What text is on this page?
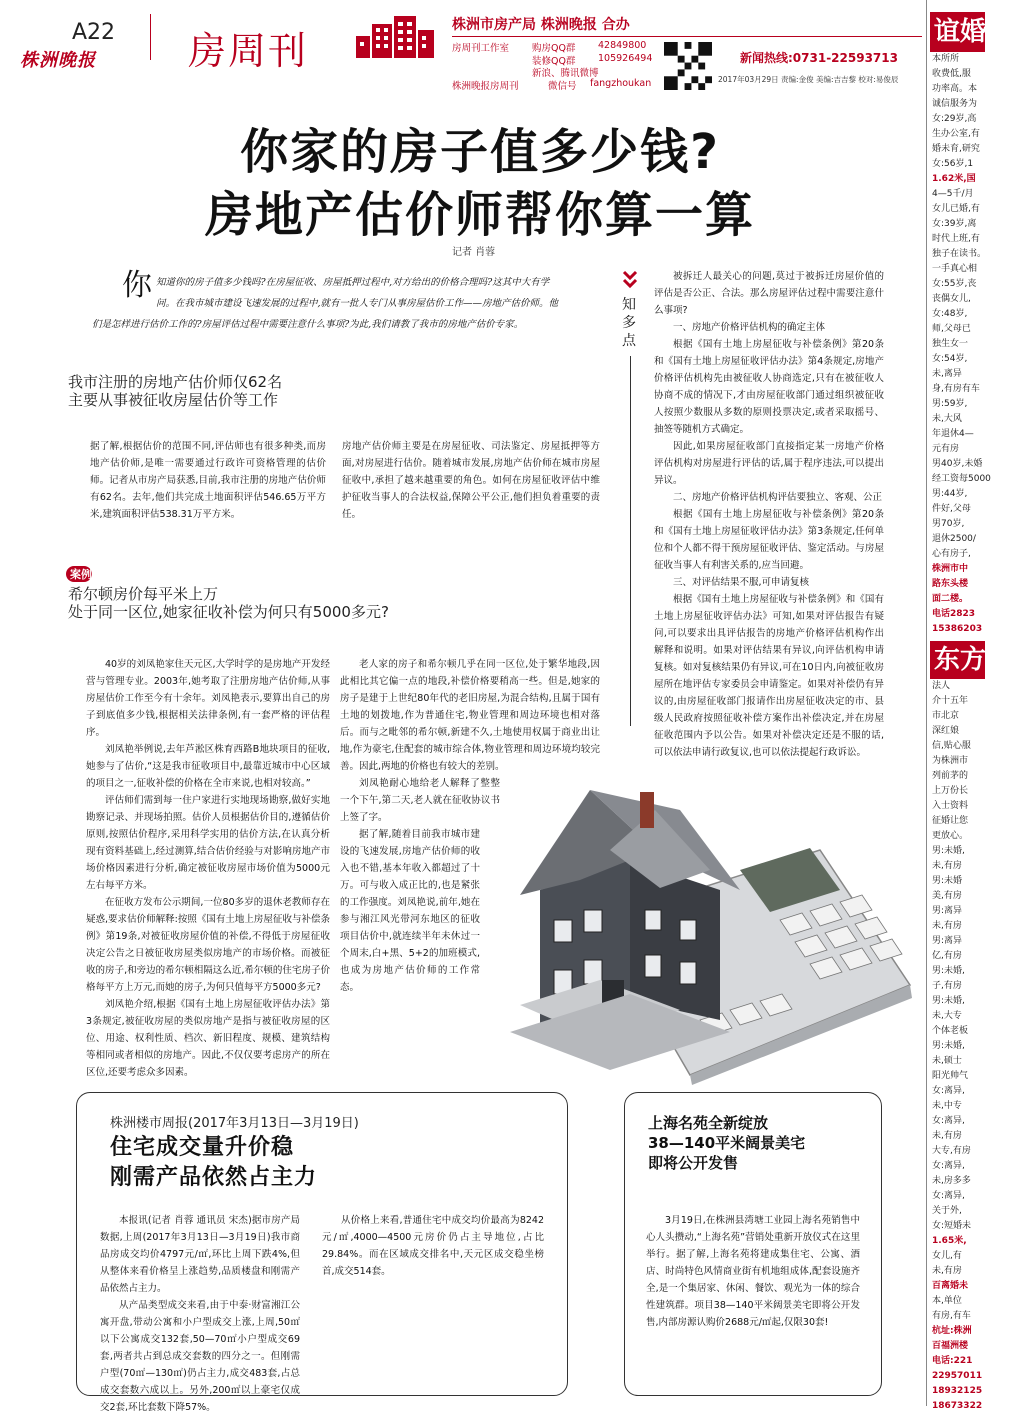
A22
株洲晚报 房周刊
株洲市房产局 株洲晚报 合办
房周刊工作室 购房QQ群 42849800
装修QQ群 105926494
新浪、腾讯微博
株洲晚报房周刊	微信号 fangzhoukan
新闻热线:0731-22593713
2017年03月29日 责编:金俊 美编:吉吉黎 校对:易俊辰
你家的房子值多少钱?
房地产估价师帮你算一算
记者 肖蓉
你 知道你的房子值多少钱吗?在房屋征收、房屋抵押过程中,对方给出的价格合理吗?这其中大有学问。在我市城市建设飞速发展的过程中,就有一批人专门从事房屋估价工作——房地产估价师。他们是怎样进行估价工作的?房屋评估过程中需要注意什么事项?为此,我们请教了我市的房地产估价专家。
我市注册的房地产估价师仅62名
主要从事被征收房屋估价等工作
据了解,根据估价的范围不同,评估师也有很多种类,而房地产估价师,是唯一需要通过行政许可资格管理的估价师。记者从市房产局获悉,目前,我市注册的房地产估价师有62名。去年,他们共完成土地面积评估546.65万平方米,建筑面积评估538.31万平方米。
房地产估价师主要是在房屋征收、司法鉴定、房屋抵押等方面,对房屋进行估价。随着城市发展,房地产估价师在城市房屋征收中,承担了越来越重要的角色。如何在房屋征收评估中维护征收当事人的合法权益,保障公平公正,他们担负着重要的责任。
案例
希尔顿房价每平米上万
处于同一区位,她家征收补偿为何只有5000多元?
40岁的刘凤艳家住天元区,大学时学的是房地产开发经营与管理专业。2003年,她考取了注册房地产估价师,从事房屋估价工作至今有十余年。刘凤艳表示,要算出自己的房子到底值多少钱,根据相关法律条例,有一套严格的评估程序。
刘凤艳举例说,去年芦淞区株育西路B地块项目的征收,她参与了估价,“这是我市征收项目中,最靠近城市中心区域的项目之一,征收补偿的价格在全市来说,也相对较高。”
评估师们需到每一住户家进行实地现场勘察,做好实地勘察记录、并现场拍照。估价人员根据估价目的,遵循估价原则,按照估价程序,采用科学实用的估价方法,在认真分析现有资料基础上,经过测算,结合估价经验与对影响房地产市场价格因素进行分析,确定被征收房屋市场价值为5000元左右每平方米。
在征收方发布公示期间,一位80多岁的退休老教师存在疑惑,要求估价师解释:按照《国有土地上房屋征收与补偿条例》第19条,对被征收房屋价值的补偿,不得低于房屋征收决定公告之日被征收房屋类似房地产的市场价格。而被征收的房子,和旁边的希尔顿相隔这么近,希尔顿的住宅房子价格每平方上万元,而她的房子,为何只值每平方5000多元?
刘凤艳介绍,根据《国有土地上房屋征收评估办法》第3条规定,被征收房屋的类似房地产是指与被征收房屋的区位、用途、权利性质、档次、新旧程度、规模、建筑结构等相同或者相似的房地产。因此,不仅仅要考虑房产的所在区位,还要考虑众多因素。
老人家的房子和希尔顿几乎在同一区位,处于繁华地段,因此相比其它偏一点的地段,补偿价格要稍高一些。但是,她家的房子是建于上世纪80年代的老旧房屋,为混合结构,且属于国有土地的划拨地,作为普通住宅,物业管理和周边环境也相对落后。而与之毗邻的希尔顿,新建不久,土地使用权属于商业出让地,作为豪宅,住配套的城市综合体,物业管理和周边环境均较完善。因此,两地的价格也有较大的差别。
刘凤艳耐心地给老人解释了整整一个下午,第二天,老人就在征收协议书上签了字。
据了解,随着目前我市城市建设的飞速发展,房地产估价师的收入也不错,基本年收入都超过了十万。可与收入成正比的,也是紧张的工作强度。刘凤艳说,前年,她在参与湘江风光带河东地区的征收项目估价中,就连续半年未休过一个周末,白+黑、5+2的加班模式,也成为房地产估价师的工作常态。
知多点
被拆迁人最关心的问题,莫过于被拆迁房屋价值的评估是否公正、合法。那么房屋评估过程中需要注意什么事项?
一、房地产价格评估机构的确定主体
根据《国有土地上房屋征收与补偿条例》第20条和《国有土地上房屋征收评估办法》第4条规定,房地产价格评估机构先由被征收人协商选定,只有在被征收人协商不成的情况下,才由房屋征收部门通过组织被征收人按照少数服从多数的原则投票决定,或者采取摇号、抽签等随机方式确定。
因此,如果房屋征收部门直接指定某一房地产价格评估机构对房屋进行评估的话,属于程序违法,可以提出异议。
二、房地产价格评估机构评估要独立、客观、公正
根据《国有土地上房屋征收与补偿条例》第20条和《国有土地上房屋征收评估办法》第3条规定,任何单位和个人都不得干预房屋征收评估、鉴定活动。与房屋征收当事人有利害关系的,应当回避。
三、对评估结果不服,可申请复核
根据《国有土地上房屋征收与补偿条例》和《国有土地上房屋征收评估办法》可知,如果对评估报告有疑问,可以要求出具评估报告的房地产价格评估机构作出解释和说明。如果对评估结果有异议,向评估机构申请复核。如对复核结果仍有异议,可在10日内,向被征收房屋所在地评估专家委员会申请鉴定。如果对补偿仍有异议的,由房屋征收部门报请作出房屋征收决定的市、县级人民政府按照征收补偿方案作出补偿决定,并在房屋征收范围内予以公告。如果对补偿决定还是不服的话,可以依法申请行政复议,也可以依法提起行政诉讼。
株洲楼市周报(2017年3月13日—3月19日)
住宅成交量升价稳
刚需产品依然占主力
本报讯(记者 肖蓉 通讯员 宋杰)据市房产局数据,上周(2017年3月13日—3月19日)我市商品房成交均价4797元/㎡,环比上周下跌4%,但从整体来看价格呈上涨趋势,品质楼盘和刚需产品依然占主力。
从产品类型成交来看,由于中泰·财富湘江公寓开盘,带动公寓和小户型成交上涨,上周,50㎡以下公寓成交132套,50—70㎡小户型成交69套,两者共占到总成交套数的四分之一。但刚需户型(70㎡—130㎡)仍占主力,成交483套,占总成交套数六成以上。另外,200㎡以上豪宅仅成交2套,环比套数下降57%。
从价格上来看,普通住宅中成交均价最高为8242元/㎡,4000—4500元房价仍占主导地位,占比29.84%。而在区域成交排名中,天元区成交稳坐榜首,成交514套。
上海名苑全新绽放
38—140平米阔景美宅
即将公开发售
3月19日,在株洲县湾塘工业园上海名苑销售中心人头攒动,“上海名苑”营销处重新开放仪式在这里举行。据了解,上海名苑将建成集住宅、公寓、酒店、时尚特色风情商业街有机地组成体,配套设施齐全,是一个集居家、休闲、餐饮、观光为一体的综合性建筑群。项目38—140平米阔景美宅即将公开发售,内部房源认购价2688元/㎡起,仅限30套!
谊婚友
本所所
收费低,服
功率高。本
诚信服务为
女:29岁,高
生办公室,有
婚未育,研究
女:56岁,1
1.62米,国
4—5千/月
女儿已婚,有
女:39岁,离
时代上班,有
独子在读书。
一手真心相
女:55岁,丧
丧偶女儿,
女:48岁,
师,父母已
独生女一
女:54岁,
未,离异
身,有房有车
男:59岁,
未,大风
年退休4—
元有房
男40岁,未婚
经工资每5000
男:44岁,
件好,父母
男70岁,
退休2500/
心有房子,
株洲市中
路东头楼
面二楼。
电话2823
15386203
东方
法人
介十五年
市北京
深红娘
信,贴心服
为株洲市
列前茅的
上万份长
入士资料
征婚让您
更放心。
男:未婚,
未,有房
男:未婚
美,有房
男:离异
未,有房
男:离异
亿,有房
男:未婚,
子,有房
男:未婚,
未,大专
个体老板
男:未婚,
未,硕士
阳光帅气
女:离异,
未,中专
女:离异,
未,有房
大专,有房
女:离异,
未,房多多
女:离异,
关于外,
女:短婚未
1.65米,
女儿,有
未,有房
百离婚未
本,单位
有房,有车
杭址:株洲
百福洲楼
电话:221
22957011
18932125
18673322
